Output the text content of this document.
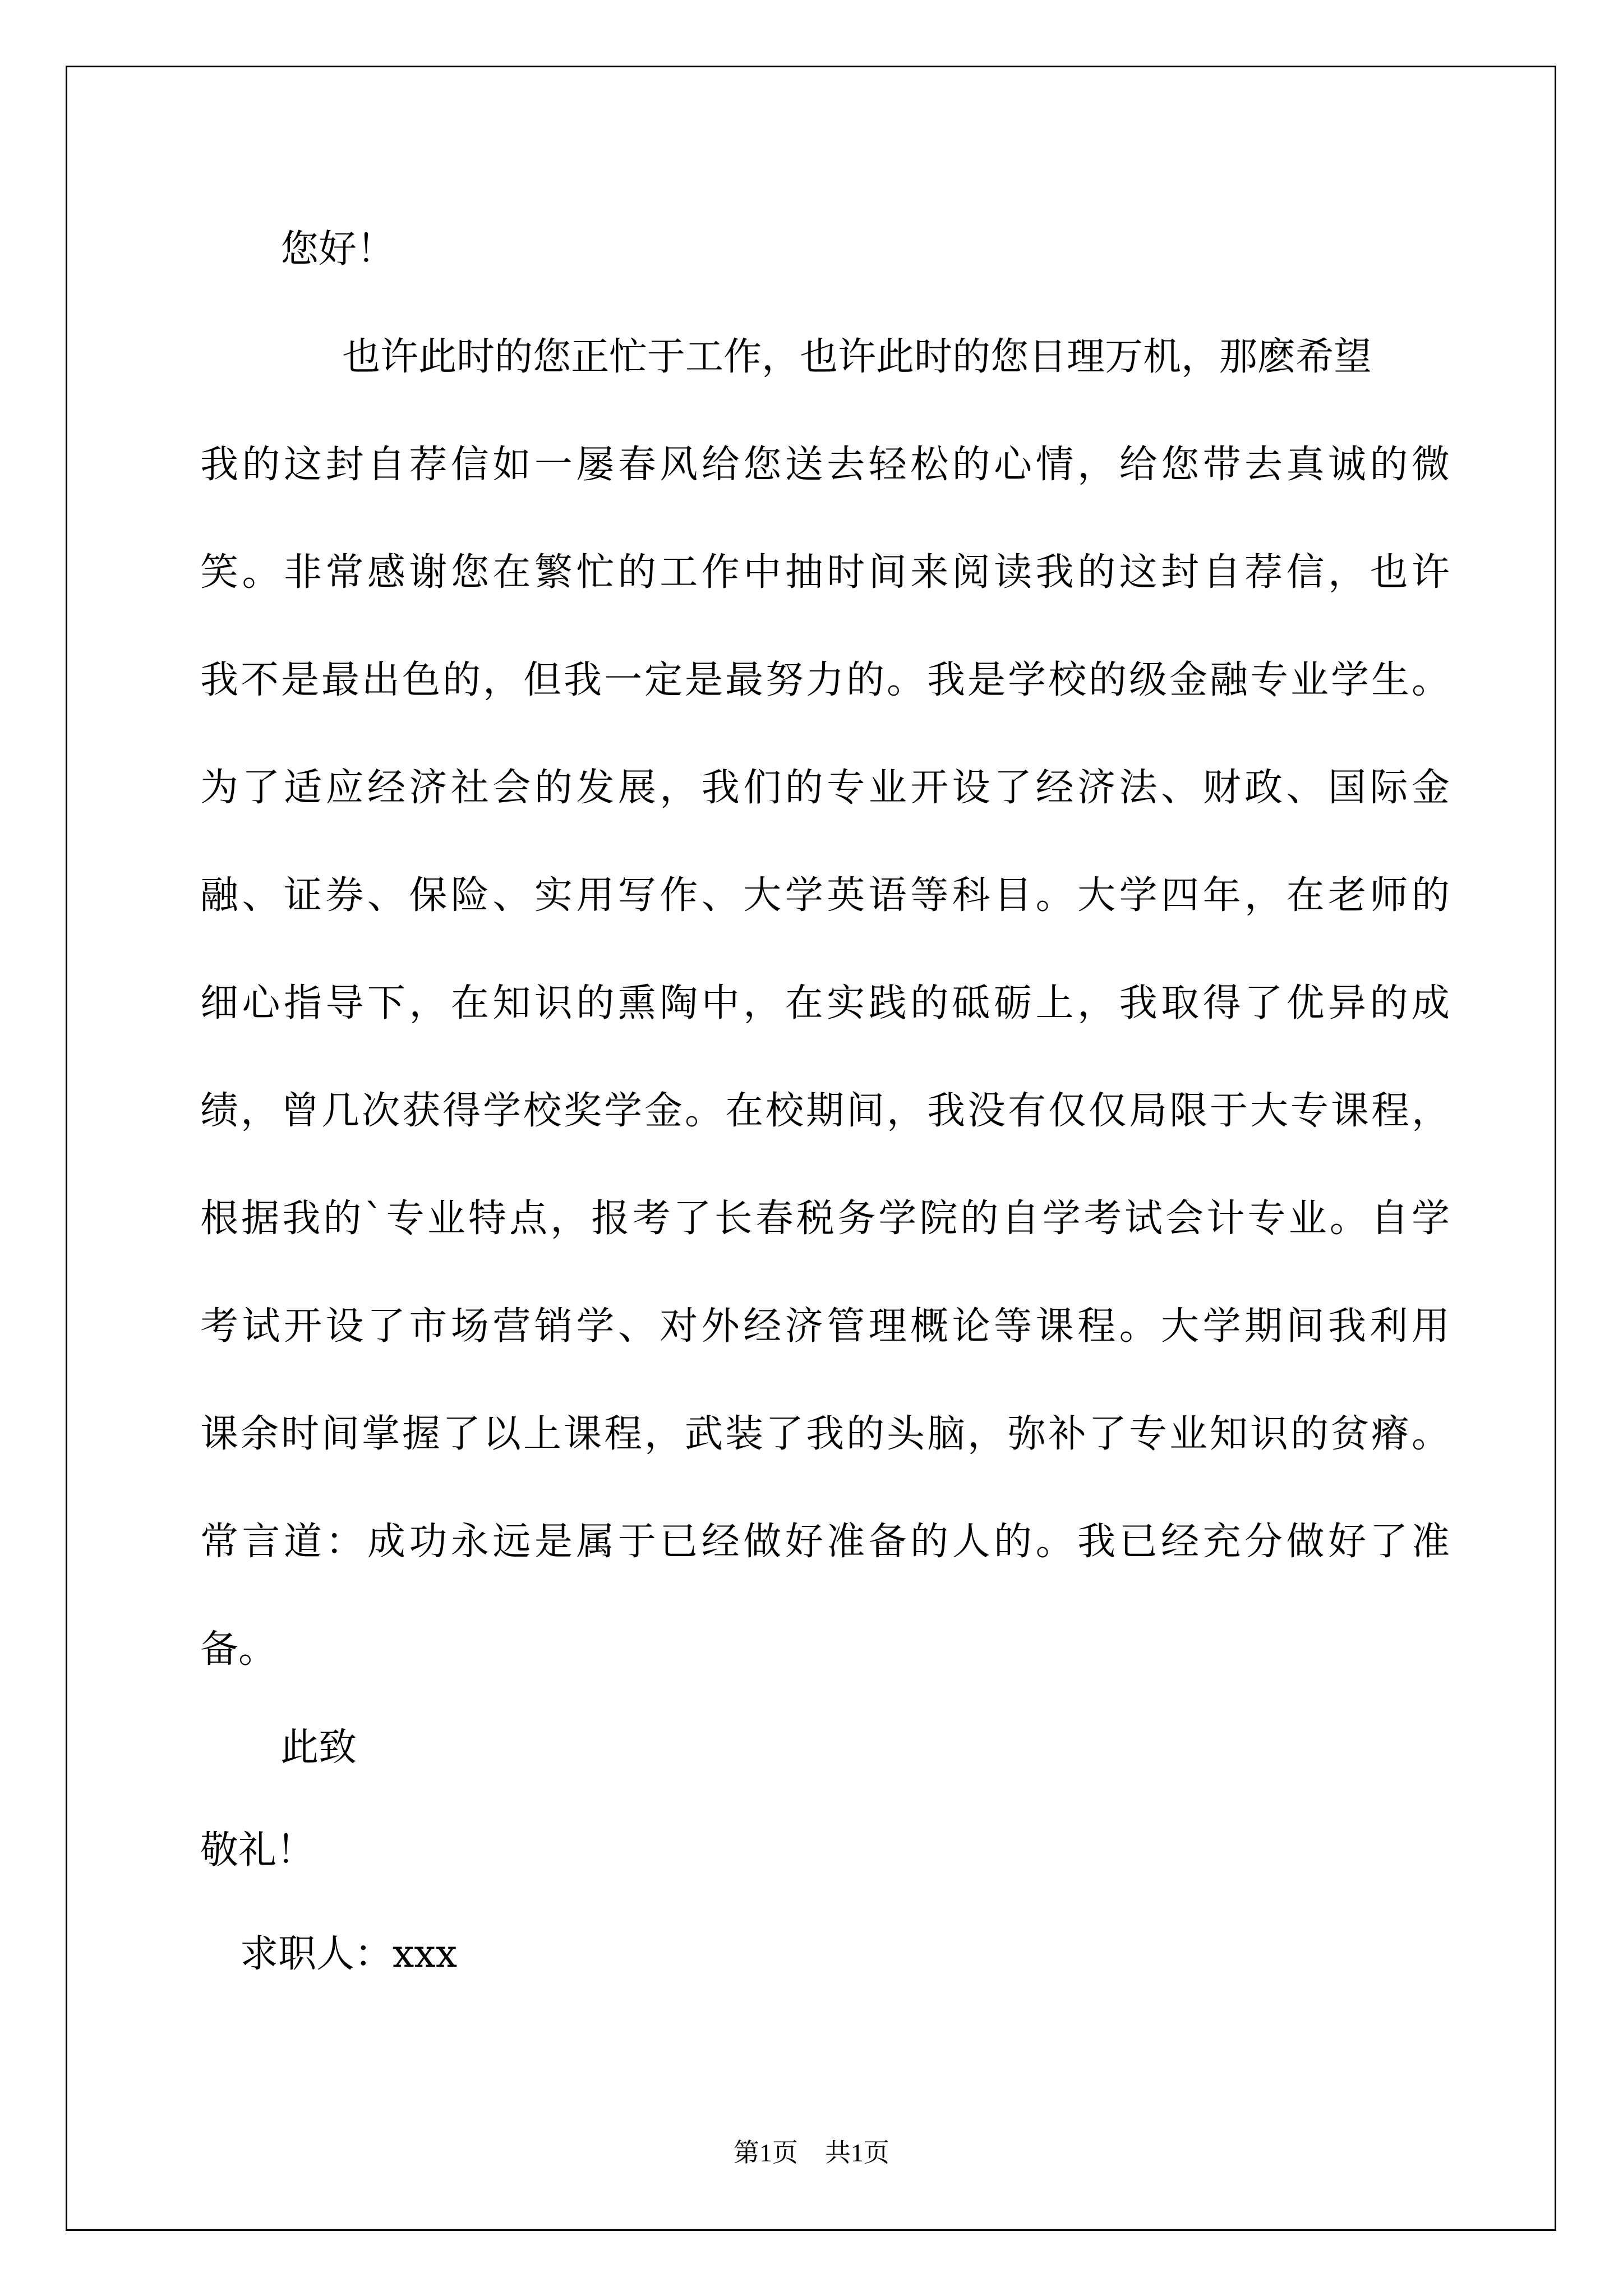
您好！

也许此时的您正忙于工作，也许此时的您日理万机，那麽希望

我的这封自荐信如一屡春风给您送去轻松的心情，给您带去真诚的微

笑。非常感谢您在繁忙的工作中抽时间来阅读我的这封自荐信，也许

我不是最出色的，但我一定是最努力的。我是学校的级金融专业学生。

为了适应经济社会的发展，我们的专业开设了经济法、财政、国际金

融、证券、保险、实用写作、大学英语等科目。大学四年，在老师的

细心指导下，在知识的熏陶中，在实践的砥砺上，我取得了优异的成

绩，曾几次获得学校奖学金。在校期间，我没有仅仅局限于大专课程，

根据我的`专业特点，报考了长春税务学院的自学考试会计专业。自学

考试开设了市场营销学、对外经济管理概论等课程。大学期间我利用

课余时间掌握了以上课程，武装了我的头脑，弥补了专业知识的贫瘠。

常言道：成功永远是属于已经做好准备的人的。我已经充分做好了准

备。

此致

敬礼！

求职人：xxx

第1页 共1页
